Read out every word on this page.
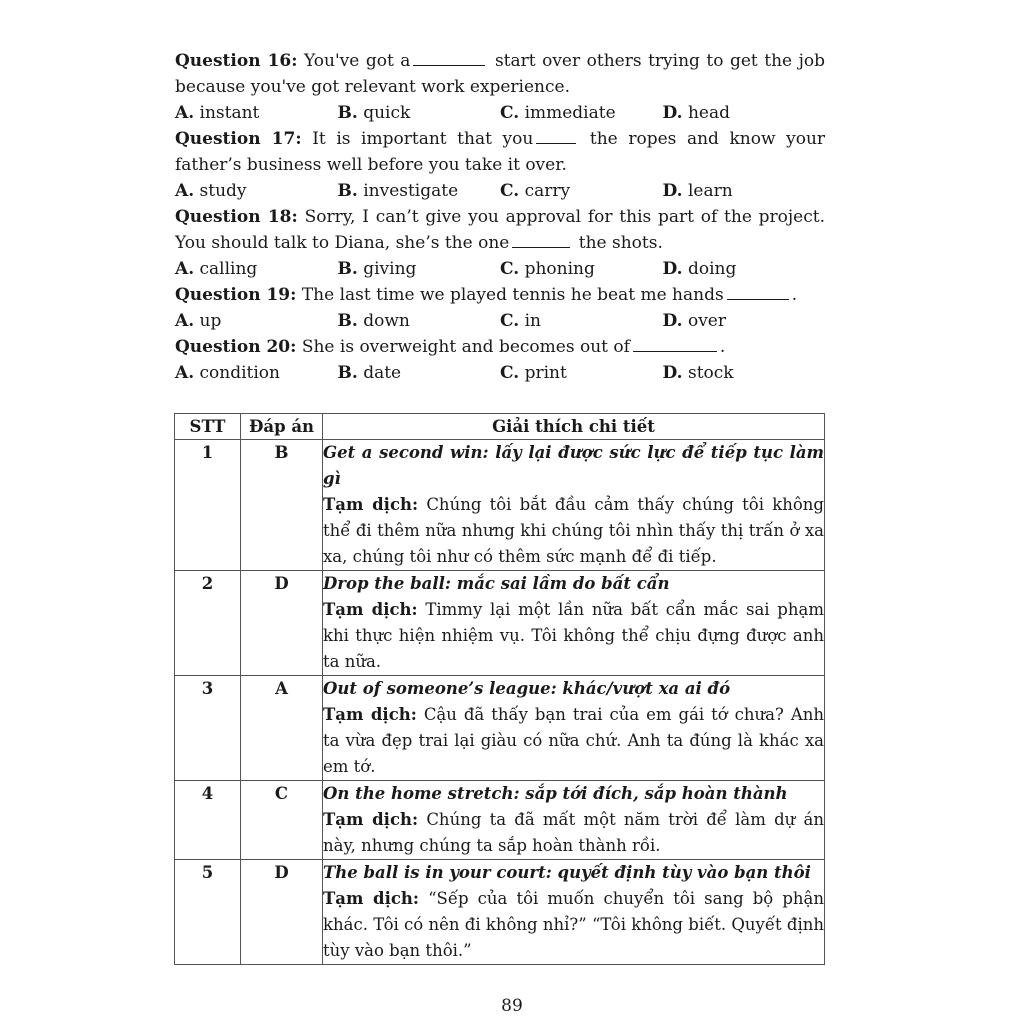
Question 16: You've got a	start over others trying to get the job because you've got relevant work experience.
A. instant	B. quick	C. immediate	D. head
Question 17: It is important that you	the ropes and know your father’s business well before you take it over.
A. study	B. investigate	C. carry	D. learn
Question 18: Sorry, I can’t give you approval for this part of the project. You should talk to Diana, she’s the one	the shots.
A. calling	B. giving	C. phoning	D. doing
Question 19: The last time we played tennis he beat me hands	.
A. up	B. down	C. in	D. over
Question 20: She is overweight and becomes out of	.
A. condition	B. date	C. print	D. stock
STT	Đáp án	Giải thích chi tiết
1	B	Get a second win: lấy lại được sức lực để tiếp tục làm gì
Tạm dịch: Chúng tôi bắt đầu cảm thấy chúng tôi không thể đi thêm nữa nhưng khi chúng tôi nhìn thấy thị trấn ở xa xa, chúng tôi như có thêm sức mạnh để đi tiếp.
2	D	Drop the ball: mắc sai lầm do bất cẩn
Tạm dịch: Timmy lại một lần nữa bất cẩn mắc sai phạm khi thực hiện nhiệm vụ. Tôi không thể chịu đựng được anh ta nữa.
3	A	Out of someone’s league: khác/vượt xa ai đó
Tạm dịch: Cậu đã thấy bạn trai của em gái tớ chưa? Anh ta vừa đẹp trai lại giàu có nữa chứ. Anh ta đúng là khác xa em tớ.
4	C	On the home stretch: sắp tới đích, sắp hoàn thành
Tạm dịch: Chúng ta đã mất một năm trời để làm dự án này, nhưng chúng ta sắp hoàn thành rồi.
5	D	The ball is in your court: quyết định tùy vào bạn thôi
Tạm dịch: “Sếp của tôi muốn chuyển tôi sang bộ phận khác. Tôi có nên đi không nhỉ?” “Tôi không biết. Quyết định tùy vào bạn thôi.”
89
